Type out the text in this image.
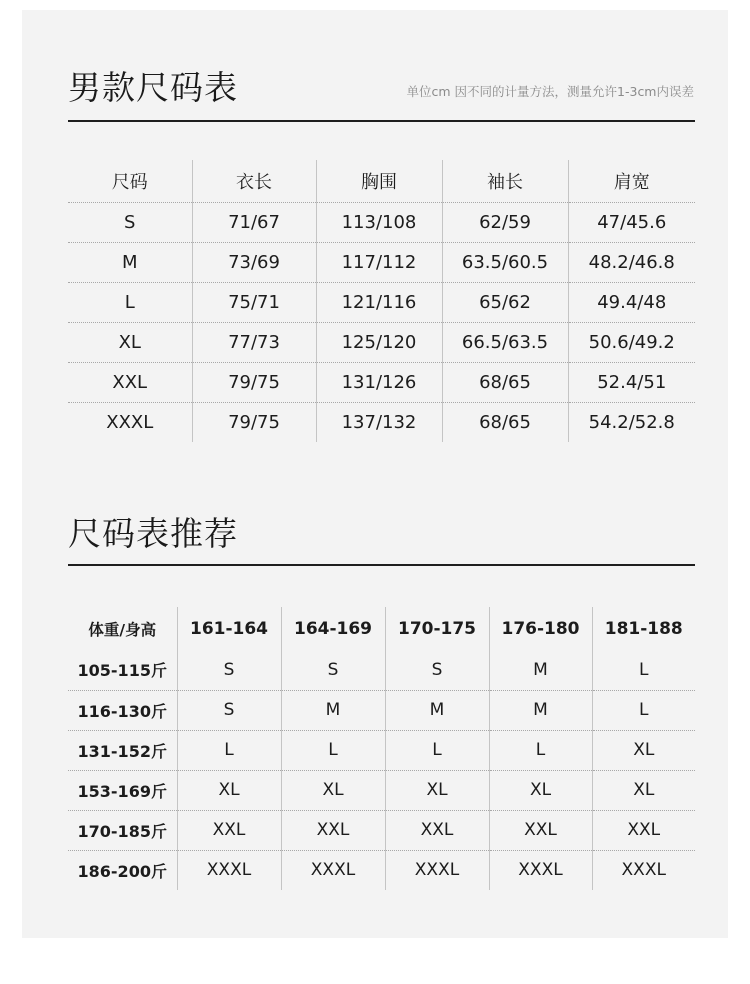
男款尺码表	单位cm 因不同的计量方法，测量允许1-3cm内误差
尺码	衣长	胸围	袖长	肩宽
S	71/67	113/108	62/59	47/45.6
M	73/69	117/112	63.5/60.5	48.2/46.8
L	75/71	121/116	65/62	49.4/48
XL	77/73	125/120	66.5/63.5	50.6/49.2
XXL	79/75	131/126	68/65	52.4/51
XXXL	79/75	137/132	68/65	54.2/52.8
尺码表推荐
体重/身高	161-164	164-169	170-175	176-180	181-188
105-115斤	S	S	S	M	L
116-130斤	S	M	M	M	L
131-152斤	L	L	L	L	XL
153-169斤	XL	XL	XL	XL	XL
170-185斤	XXL	XXL	XXL	XXL	XXL
186-200斤	XXXL	XXXL	XXXL	XXXL	XXXL
